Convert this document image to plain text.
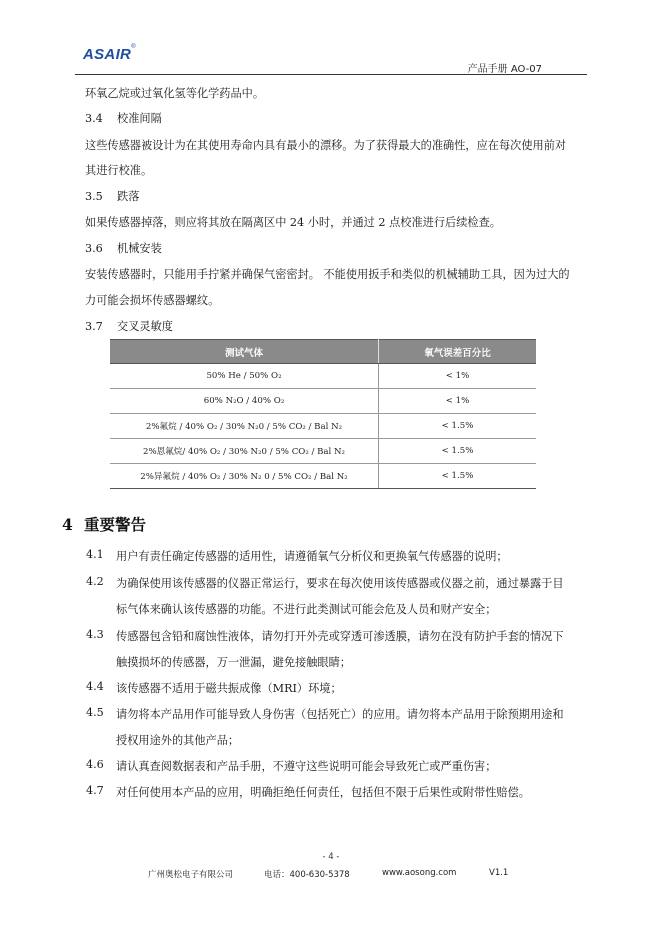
ASAIR®
产品手册 AO-07
环氧乙烷或过氧化氢等化学药品中。
3.4 校准间隔
这些传感器被设计为在其使用寿命内具有最小的漂移。为了获得最大的准确性，应在每次使用前对
其进行校准。
3.5 跌落
如果传感器掉落，则应将其放在隔离区中 24 小时，并通过 2 点校准进行后续检查。
3.6 机械安装
安装传感器时，只能用手拧紧并确保气密密封。 不能使用扳手和类似的机械辅助工具，因为过大的
力可能会损坏传感器螺纹。
3.7 交叉灵敏度
测试气体	氧气误差百分比
50% He / 50% O₂	< 1%
60% N₂O / 40% O₂	< 1%
2%氟烷 / 40% O₂ / 30% N₂0 / 5% CO₂ / Bal N₂	< 1.5%
2%恩氟烷/ 40% O₂ / 30% N₂0 / 5% CO₂ / Bal N₂	< 1.5%
2%异氟烷 / 40% O₂ / 30% N₂ 0 / 5% CO₂ / Bal N₂	< 1.5%
4 重要警告
4.1 用户有责任确定传感器的适用性，请遵循氧气分析仪和更换氧气传感器的说明；
4.2 为确保使用该传感器的仪器正常运行，要求在每次使用该传感器或仪器之前，通过暴露于目
标气体来确认该传感器的功能。不进行此类测试可能会危及人员和财产安全；
4.3 传感器包含铅和腐蚀性液体，请勿打开外壳或穿透可渗透膜，请勿在没有防护手套的情况下
触摸损坏的传感器，万一泄漏，避免接触眼睛；
4.4 该传感器不适用于磁共振成像（MRI）环境；
4.5 请勿将本产品用作可能导致人身伤害（包括死亡）的应用。请勿将本产品用于除预期用途和
授权用途外的其他产品；
4.6 请认真查阅数据表和产品手册，不遵守这些说明可能会导致死亡或严重伤害；
4.7 对任何使用本产品的应用，明确拒绝任何责任，包括但不限于后果性或附带性赔偿。
- 4 -
广州奥松电子有限公司	电话：400-630-5378	www.aosong.com	V1.1
